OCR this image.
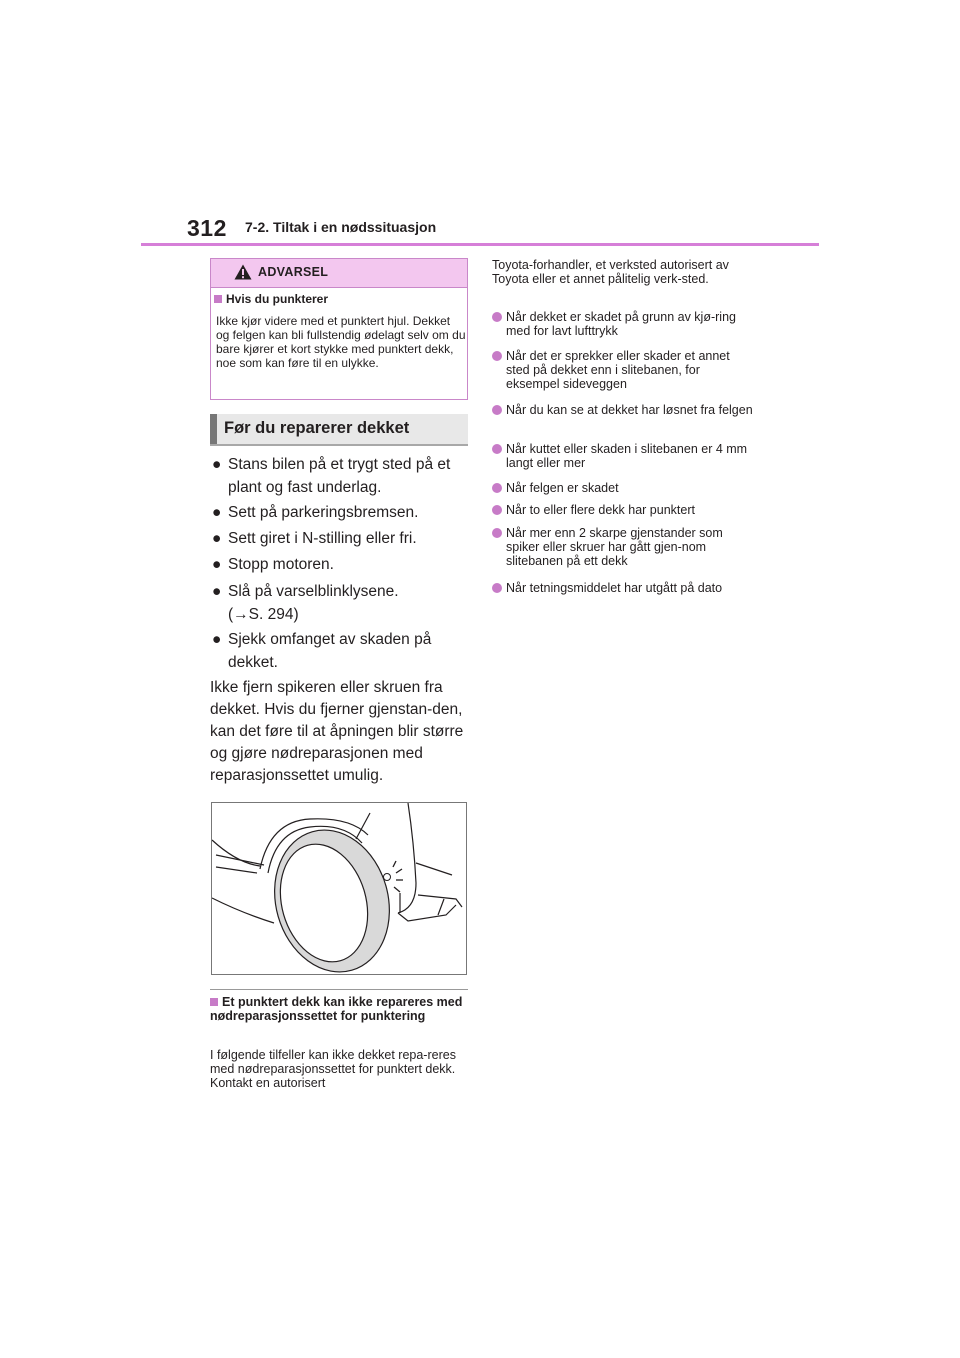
312 7-2. Tiltak i en nødssituasjon
ADVARSEL
Hvis du punkterer
Ikke kjør videre med et punktert hjul. Dekket og felgen kan bli fullstendig ødelagt selv om du bare kjører et kort stykke med punktert dekk, noe som kan føre til en ulykke.
Før du reparerer dekket
● Stans bilen på et trygt sted på et
plant og fast underlag.
● Sett på parkeringsbremsen.
● Sett giret i N-stilling eller fri.
● Stopp motoren.
● Slå på varselblinklysene.
(→S. 294)
● Sjekk omfanget av skaden på
dekket.
Ikke fjern spikeren eller skruen fra dekket. Hvis du fjerner gjenstan-den, kan det føre til at åpningen blir større og gjøre nødreparasjonen med reparasjonssettet umulig.
Et punktert dekk kan ikke repareres med nødreparasjonssettet for punktering
I følgende tilfeller kan ikke dekket repa-reres med nødreparasjonssettet for punktert dekk. Kontakt en autorisert
Toyota-forhandler, et verksted autorisert av Toyota eller et annet pålitelig verk-sted.
Når dekket er skadet på grunn av kjø-ring med for lavt lufttrykk
Når det er sprekker eller skader et annet sted på dekket enn i slitebanen, for eksempel sideveggen
Når du kan se at dekket har løsnet fra felgen
Når kuttet eller skaden i slitebanen er 4 mm langt eller mer
Når felgen er skadet
Når to eller flere dekk har punktert
Når mer enn 2 skarpe gjenstander som spiker eller skruer har gått gjen-nom slitebanen på ett dekk
Når tetningsmiddelet har utgått på dato
